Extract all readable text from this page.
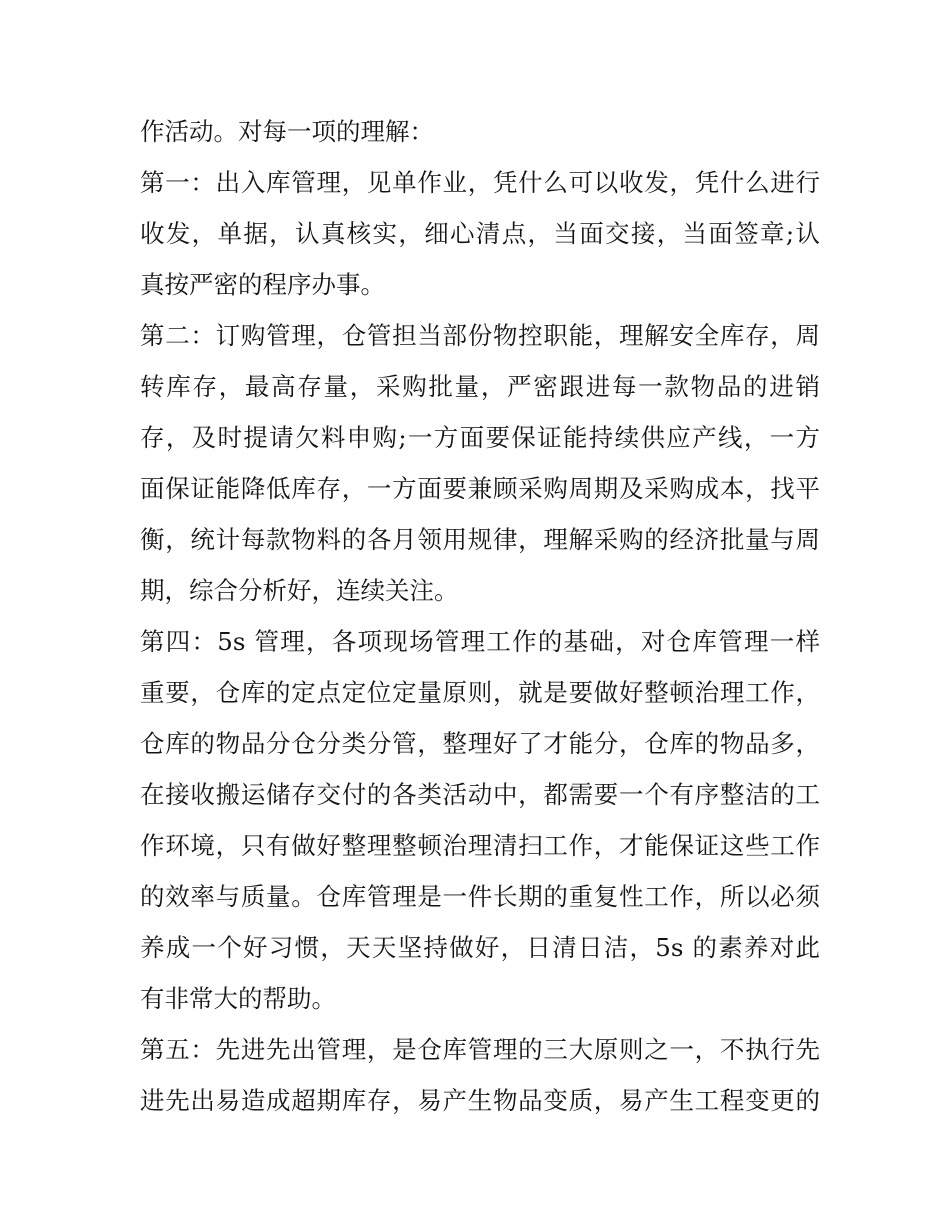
作活动。对每一项的理解：
第一：出入库管理，见单作业，凭什么可以收发，凭什么进行
收发，单据，认真核实，细心清点，当面交接，当面签章;认
真按严密的程序办事。
第二：订购管理，仓管担当部份物控职能，理解安全库存，周
转库存，最高存量，采购批量，严密跟进每一款物品的进销
存，及时提请欠料申购;一方面要保证能持续供应产线，一方
面保证能降低库存，一方面要兼顾采购周期及采购成本，找平
衡，统计每款物料的各月领用规律，理解采购的经济批量与周
期，综合分析好，连续关注。
第四：5s 管理，各项现场管理工作的基础，对仓库管理一样
重要，仓库的定点定位定量原则，就是要做好整顿治理工作，
仓库的物品分仓分类分管，整理好了才能分，仓库的物品多，
在接收搬运储存交付的各类活动中，都需要一个有序整洁的工
作环境，只有做好整理整顿治理清扫工作，才能保证这些工作
的效率与质量。仓库管理是一件长期的重复性工作，所以必须
养成一个好习惯，天天坚持做好，日清日洁，5s 的素养对此
有非常大的帮助。
第五：先进先出管理，是仓库管理的三大原则之一，不执行先
进先出易造成超期库存，易产生物品变质，易产生工程变更的
